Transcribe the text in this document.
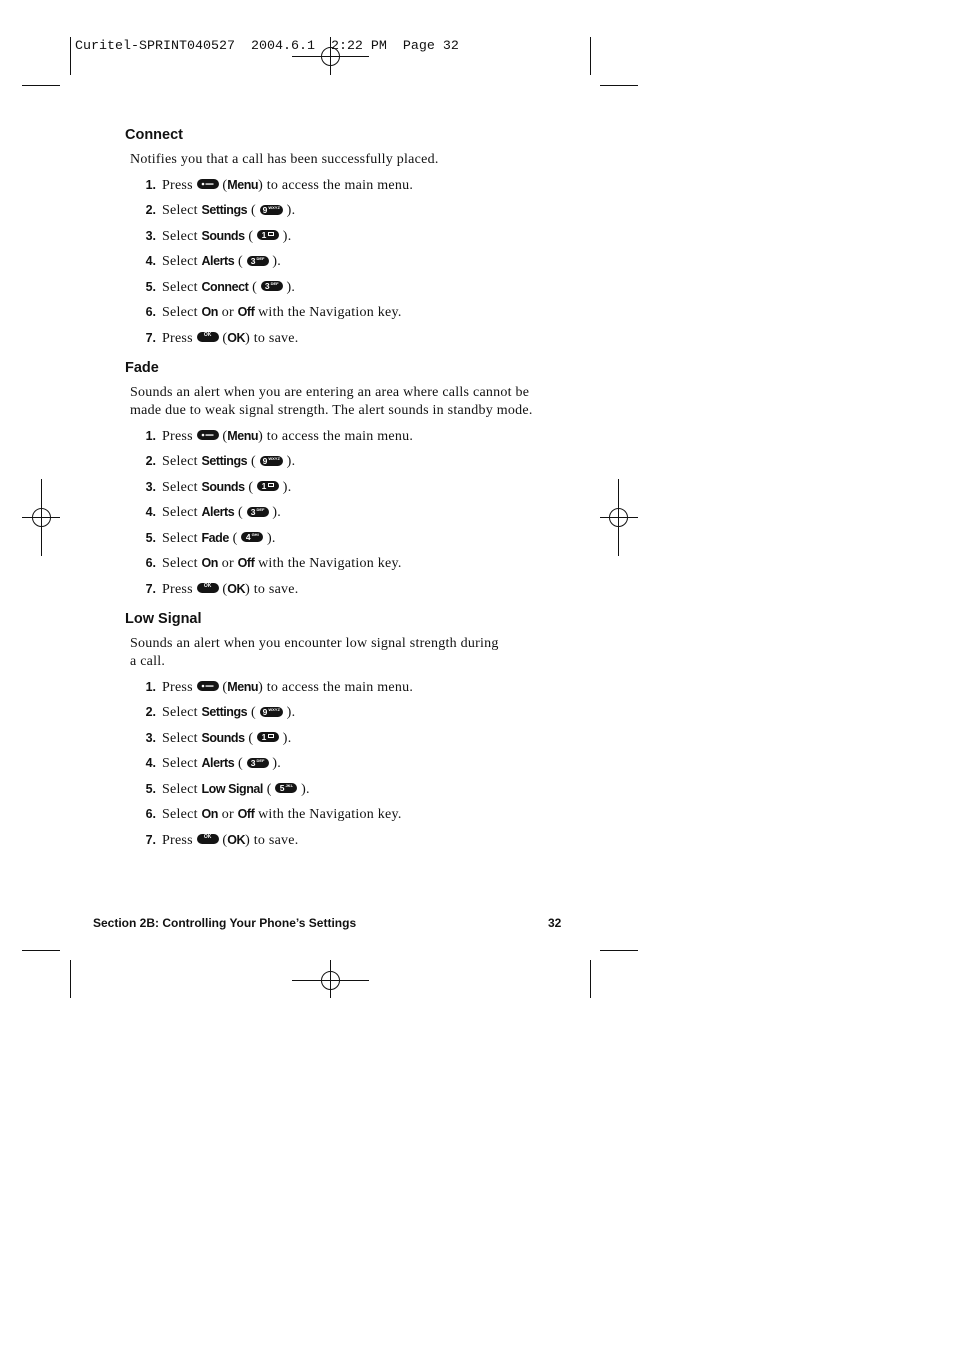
Curitel-SPRINT040527  2004.6.1  2:22 PM  Page 32
Connect
Notifies you that a call has been successfully placed.
1. Press
(Menu) to access the main menu.
2. Select Settings ( $^{9WXYZ}$ ).
3. Select Sounds ( $^1$ ).
4. Select Alerts ( $^{3DEF}$ ).
5. Select Connect ( $^{3DEF}$ ).
6. Select On or Off with the Navigation key.
7. Press $^{OK}$ (OK) to save.
Fade
Sounds an alert when you are entering an area where calls cannot be
made due to weak signal strength. The alert sounds in standby mode.
1. Press
(Menu) to access the main menu.
2. Select Settings ( $^{9WXYZ}$ ).
3. Select Sounds ( $^1$ ).
4. Select Alerts ( $^{3DEF}$ ).
5. Select Fade ( $^{4GHI}$ ).
6. Select On or Off with the Navigation key.
7. Press $^{OK}$ (OK) to save.
Low Signal
Sounds an alert when you encounter low signal strength during
a call.
1. Press
(Menu) to access the main menu.
2. Select Settings ( $^{9WXYZ}$ ).
3. Select Sounds ( $^1$ ).
4. Select Alerts ( $^{3DEF}$ ).
5. Select Low Signal ( $^{5JKL}$ ).
6. Select On or Off with the Navigation key.
7. Press $^{OK}$ (OK) to save.
Section 2B: Controlling Your Phone’s Settings	32
